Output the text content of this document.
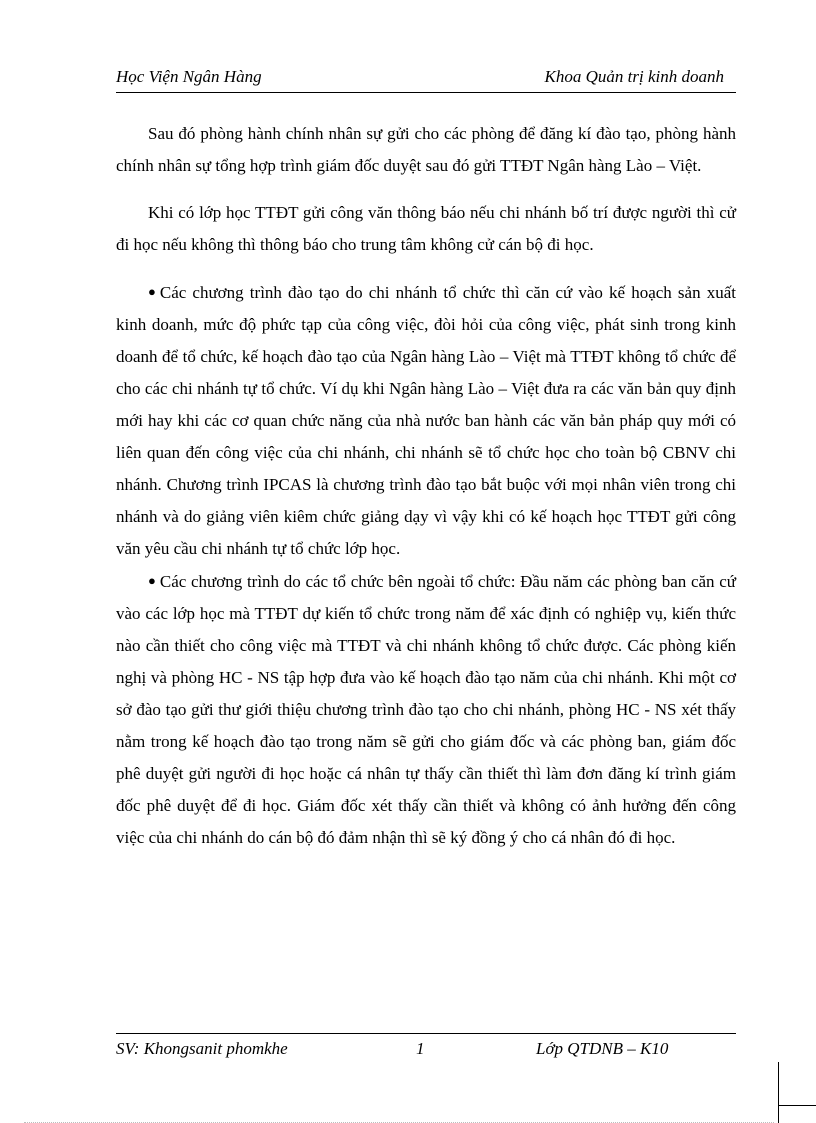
Học Viện Ngân Hàng	Khoa Quản trị kinh doanh

Sau đó phòng hành chính nhân sự gửi cho các phòng để đăng kí đào tạo, phòng hành chính nhân sự tổng hợp trình giám đốc duyệt sau đó gửi TTĐT Ngân hàng Lào – Việt.

Khi có lớp học TTĐT gửi công văn thông báo nếu chi nhánh bố trí được người thì cử đi học nếu không thì thông báo cho trung tâm không cử cán bộ đi học.

● Các chương trình đào tạo do chi nhánh tổ chức thì căn cứ vào kế hoạch sản xuất kinh doanh, mức độ phức tạp của công việc, đòi hỏi của công việc, phát sinh trong kinh doanh để tổ chức, kế hoạch đào tạo của Ngân hàng Lào – Việt mà TTĐT không tổ chức để cho các chi nhánh tự tổ chức. Ví dụ khi Ngân hàng Lào – Việt đưa ra các văn bản quy định mới hay khi các cơ quan chức năng của nhà nước ban hành các văn bản pháp quy mới có liên quan đến công việc của chi nhánh, chi nhánh sẽ tổ chức học cho toàn bộ CBNV chi nhánh. Chương trình IPCAS là chương trình đào tạo bắt buộc với mọi nhân viên trong chi nhánh và do giảng viên kiêm chức giảng dạy vì vậy khi có kế hoạch học TTĐT gửi công văn yêu cầu chi nhánh tự tổ chức lớp học.

● Các chương trình do các tổ chức bên ngoài tổ chức: Đầu năm các phòng ban căn cứ vào các lớp học mà TTĐT dự kiến tổ chức trong năm để xác định có nghiệp vụ, kiến thức nào cần thiết cho công việc mà TTĐT và chi nhánh không tổ chức được. Các phòng kiến nghị và phòng HC - NS tập hợp đưa vào kế hoạch đào tạo năm của chi nhánh. Khi một cơ sở đào tạo gửi thư giới thiệu chương trình đào tạo cho chi nhánh, phòng HC - NS xét thấy nằm trong kế hoạch đào tạo trong năm sẽ gửi cho giám đốc và các phòng ban, giám đốc phê duyệt gửi người đi học hoặc cá nhân tự thấy cần thiết thì làm đơn đăng kí trình giám đốc phê duyệt để đi học. Giám đốc xét thấy cần thiết và không có ảnh hưởng đến công việc của chi nhánh do cán bộ đó đảm nhận thì sẽ ký đồng ý cho cá nhân đó đi học.

SV: Khongsanit phomkhe	1	Lớp QTDNB – K10
